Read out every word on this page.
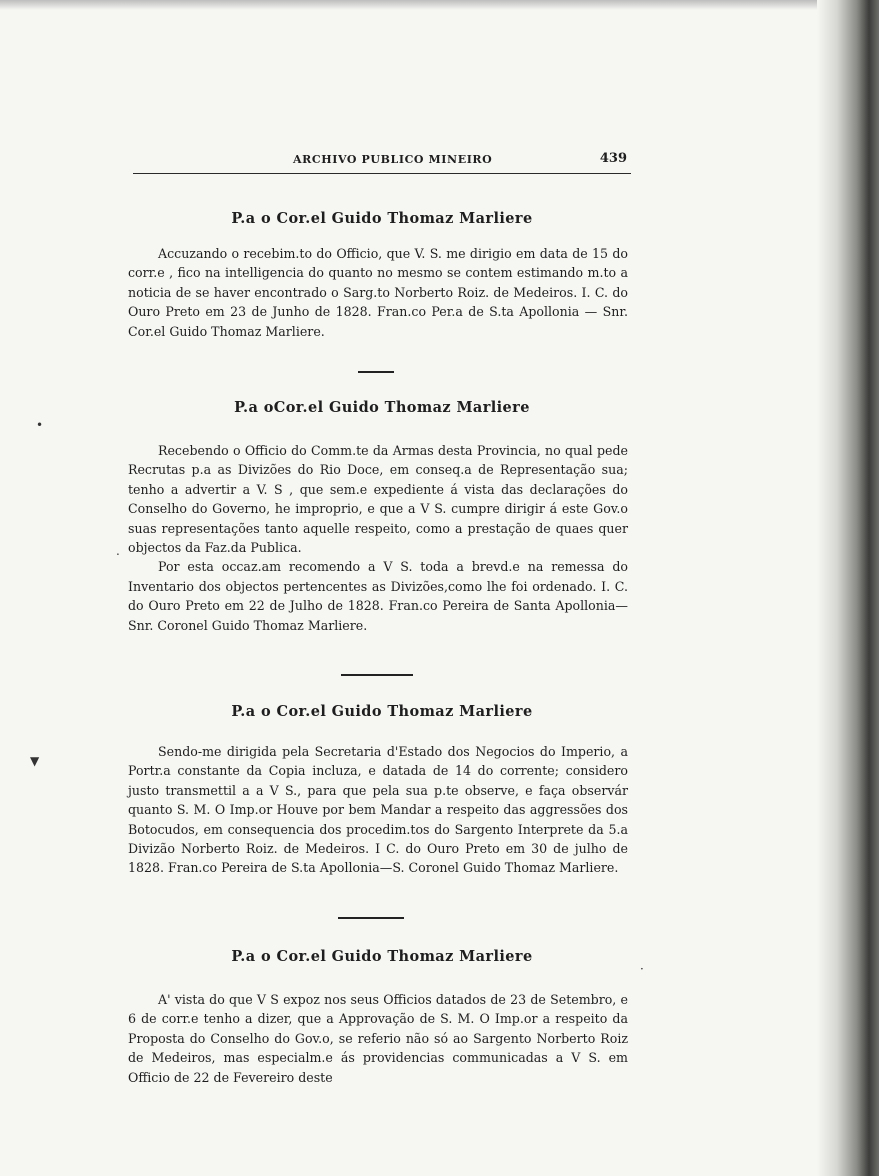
ARCHIVO PUBLICO MINEIRO	439
P.a o Cor.el Guido Thomaz Marliere

Accuzando o recebim.to do Officio, que V. S. me dirigio em data de 15 do corr.e , fico na intelligencia do quanto no mesmo se contem estimando m.to a noticia de se haver encontrado o Sarg.to Norberto Roiz. de Medeiros. I. C. do Ouro Preto em 23 de Junho de 1828. Fran.co Per.a de S.ta Apollonia — Snr. Cor.el Guido Thomaz Marliere.

P.a oCor.el Guido Thomaz Marliere

Recebendo o Officio do Comm.te da Armas desta Provincia, no qual pede Recrutas p.a as Divizões do Rio Doce, em conseq.a de Representação sua; tenho a advertir a V. S , que sem.e expediente á vista das declarações do Conselho do Governo, he improprio, e que a V S. cumpre dirigir á este Gov.o suas representações tanto aquelle respeito, como a prestação de quaes quer objectos da Faz.da Publica.

Por esta occaz.am recomendo a V S. toda a brevd.e na remessa do Inventario dos objectos pertencentes as Divizões,como lhe foi ordenado. I. C. do Ouro Preto em 22 de Julho de 1828. Fran.co Pereira de Santa Apollonia—Snr. Coronel Guido Thomaz Marliere.

P.a o Cor.el Guido Thomaz Marliere

Sendo-me dirigida pela Secretaria d'Estado dos Negocios do Imperio, a Portr.a constante da Copia incluza, e datada de 14 do corrente; considero justo transmettil a a V S., para que pela sua p.te observe, e faça observár quanto S. M. O Imp.or Houve por bem Mandar a respeito das aggressões dos Botocudos, em consequencia dos procedim.tos do Sargento Interprete da 5.a Divizão Norberto Roiz. de Medeiros. I C. do Ouro Preto em 30 de julho de 1828. Fran.co Pereira de S.ta Apollonia—S. Coronel Guido Thomaz Marliere.

P.a o Cor.el Guido Thomaz Marliere

A' vista do que V S expoz nos seus Officios datados de 23 de Setembro, e 6 de corr.e tenho a dizer, que a Approvação de S. M. O Imp.or a respeito da Proposta do Conselho do Gov.o, se referio não só ao Sargento Norberto Roiz de Medeiros, mas especialm.e ás providencias communicadas a V S. em Officio de 22 de Fevereiro deste

•
.
▼
·
